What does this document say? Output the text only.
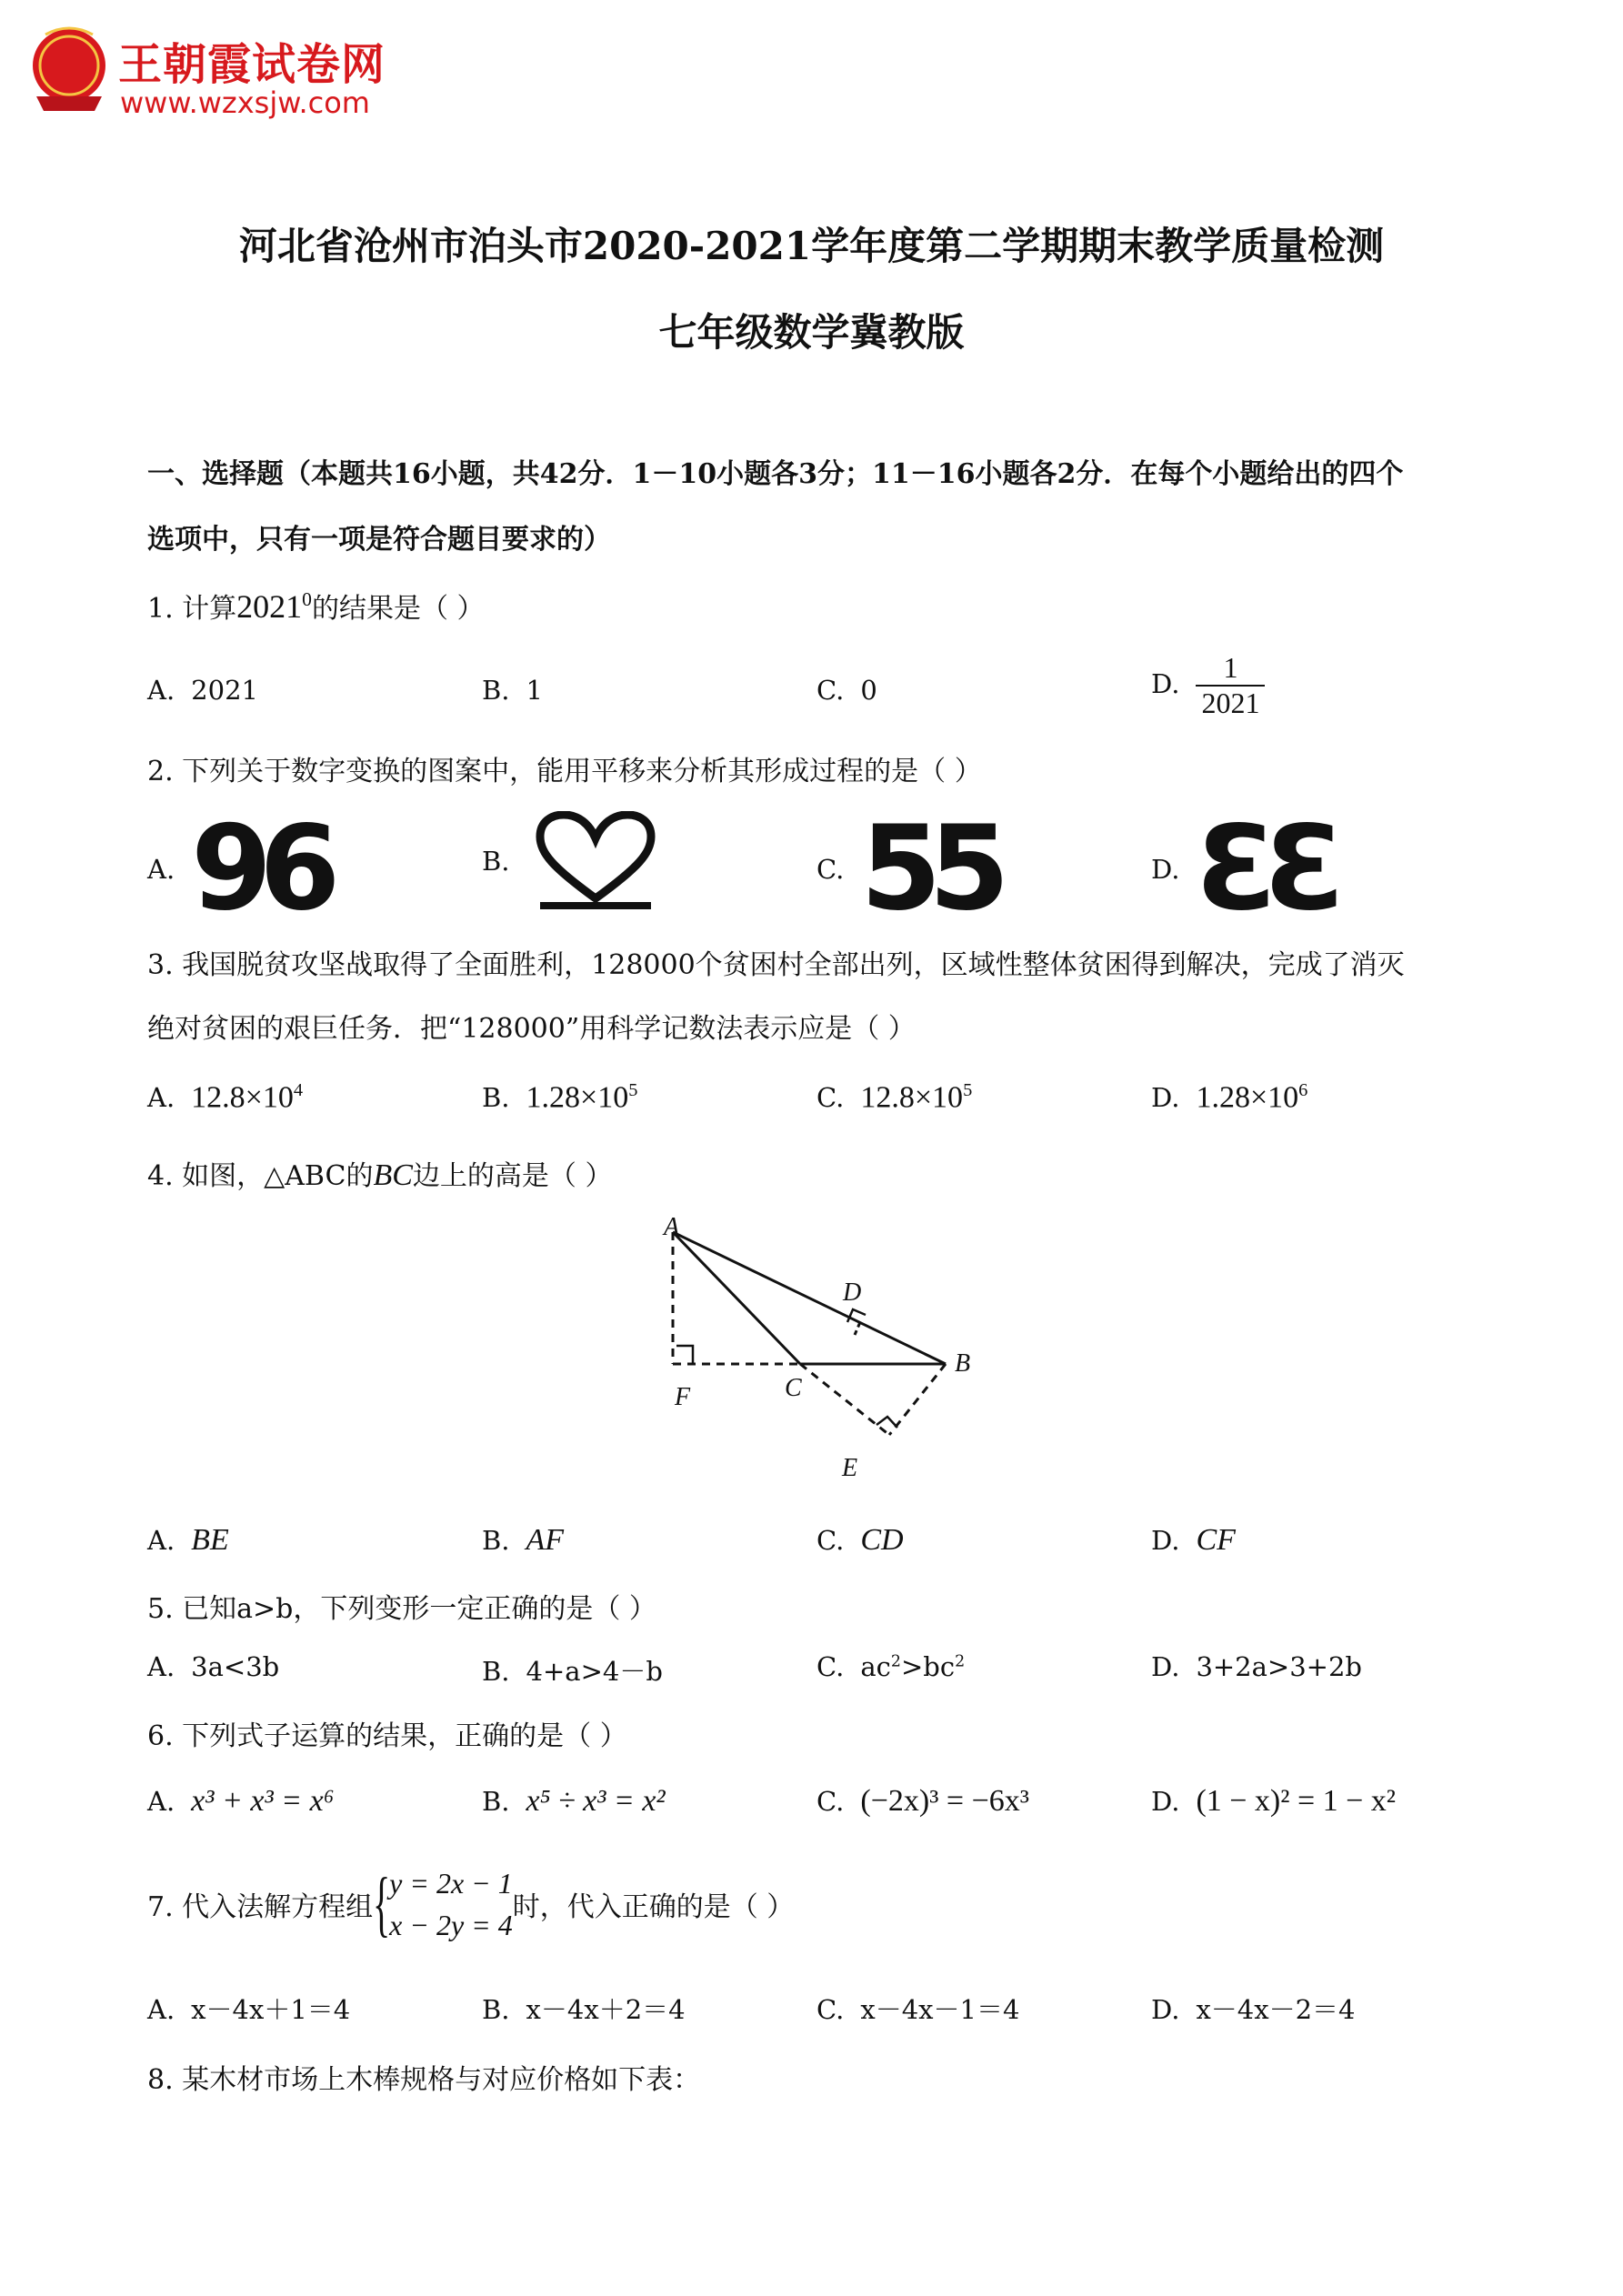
王朝霞试卷网
www.wzxsjw.com
河北省沧州市泊头市2020-2021学年度第二学期期末教学质量检测
七年级数学冀教版
一、选择题（本题共16小题，共42分．1－10小题各3分；11－16小题各2分．在每个小题给出的四个
选项中，只有一项是符合题目要求的）
1. 计算2021$^0$的结果是（ ）
A. 2021	B. 1	C. 0	D. $\frac{1}{2021}$
2. 下列关于数字变换的图案中，能用平移来分析其形成过程的是（ ）
A. 96	B.	C. 55	D. ƐƐ
3. 我国脱贫攻坚战取得了全面胜利，128000个贫困村全部出列，区域性整体贫困得到解决，完成了消灭
绝对贫困的艰巨任务．把“128000”用科学记数法表示应是（ ）
A. $12.8\times 10^4$	B. $1.28\times 10^5$	C. $12.8\times 10^5$	D. $1.28\times 10^6$
4. 如图，△ABC的BC边上的高是（ ）
A
B
C
D
E
F
A. BE	B. AF	C. CD	D. CF
5. 已知a>b，下列变形一定正确的是（ ）
A. 3a<3b	B. 4+a>4－b	C. $ac^2>bc^2$	D. 3+2a>3+2b
6. 下列式子运算的结果，正确的是（ ）
A. x³ + x³ = x⁶	B. x⁵ ÷ x³ = x²	C. (−2x)³ = −6x³	D. (1 − x)² = 1 − x²
7. 代入法解方程组 {
y = 2x − 1
x − 2y = 4
时，代入正确的是（ ）
A. x－4x＋1＝4	B. x－4x＋2＝4	C. x－4x－1＝4	D. x－4x－2＝4
8. 某木材市场上木棒规格与对应价格如下表：
